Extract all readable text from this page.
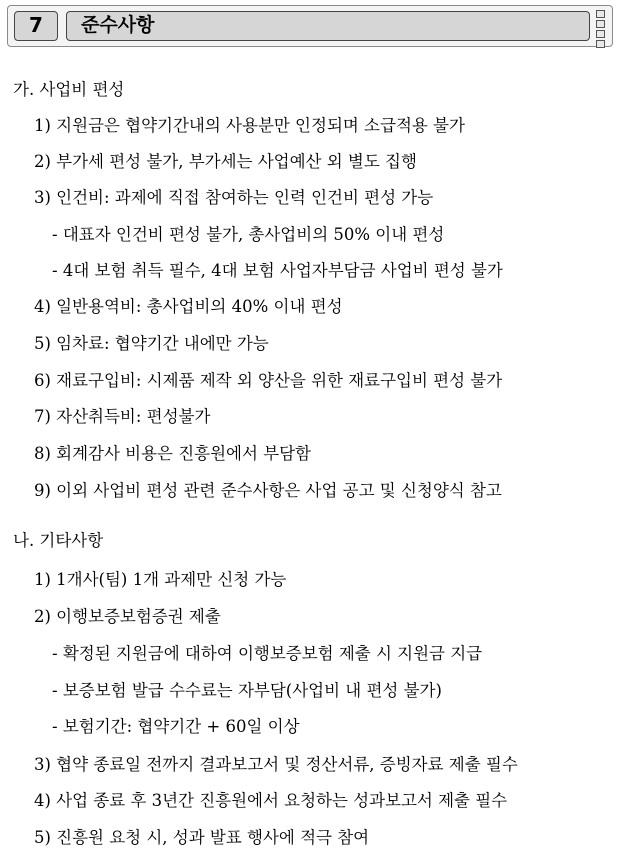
7	준수사항
가. 사업비 편성
1) 지원금은 협약기간내의 사용분만 인정되며 소급적용 불가
2) 부가세 편성 불가, 부가세는 사업예산 외 별도 집행
3) 인건비: 과제에 직접 참여하는 인력 인건비 편성 가능
- 대표자 인건비 편성 불가, 총사업비의 50% 이내 편성
- 4대 보험 취득 필수, 4대 보험 사업자부담금 사업비 편성 불가
4) 일반용역비: 총사업비의 40% 이내 편성
5) 임차료: 협약기간 내에만 가능
6) 재료구입비: 시제품 제작 외 양산을 위한 재료구입비 편성 불가
7) 자산취득비: 편성불가
8) 회계감사 비용은 진흥원에서 부담함
9) 이외 사업비 편성 관련 준수사항은 사업 공고 및 신청양식 참고
나. 기타사항
1) 1개사(팀) 1개 과제만 신청 가능
2) 이행보증보험증권 제출
- 확정된 지원금에 대하여 이행보증보험 제출 시 지원금 지급
- 보증보험 발급 수수료는 자부담(사업비 내 편성 불가)
- 보험기간: 협약기간 + 60일 이상
3) 협약 종료일 전까지 결과보고서 및 정산서류, 증빙자료 제출 필수
4) 사업 종료 후 3년간 진흥원에서 요청하는 성과보고서 제출 필수
5) 진흥원 요청 시, 성과 발표 행사에 적극 참여
